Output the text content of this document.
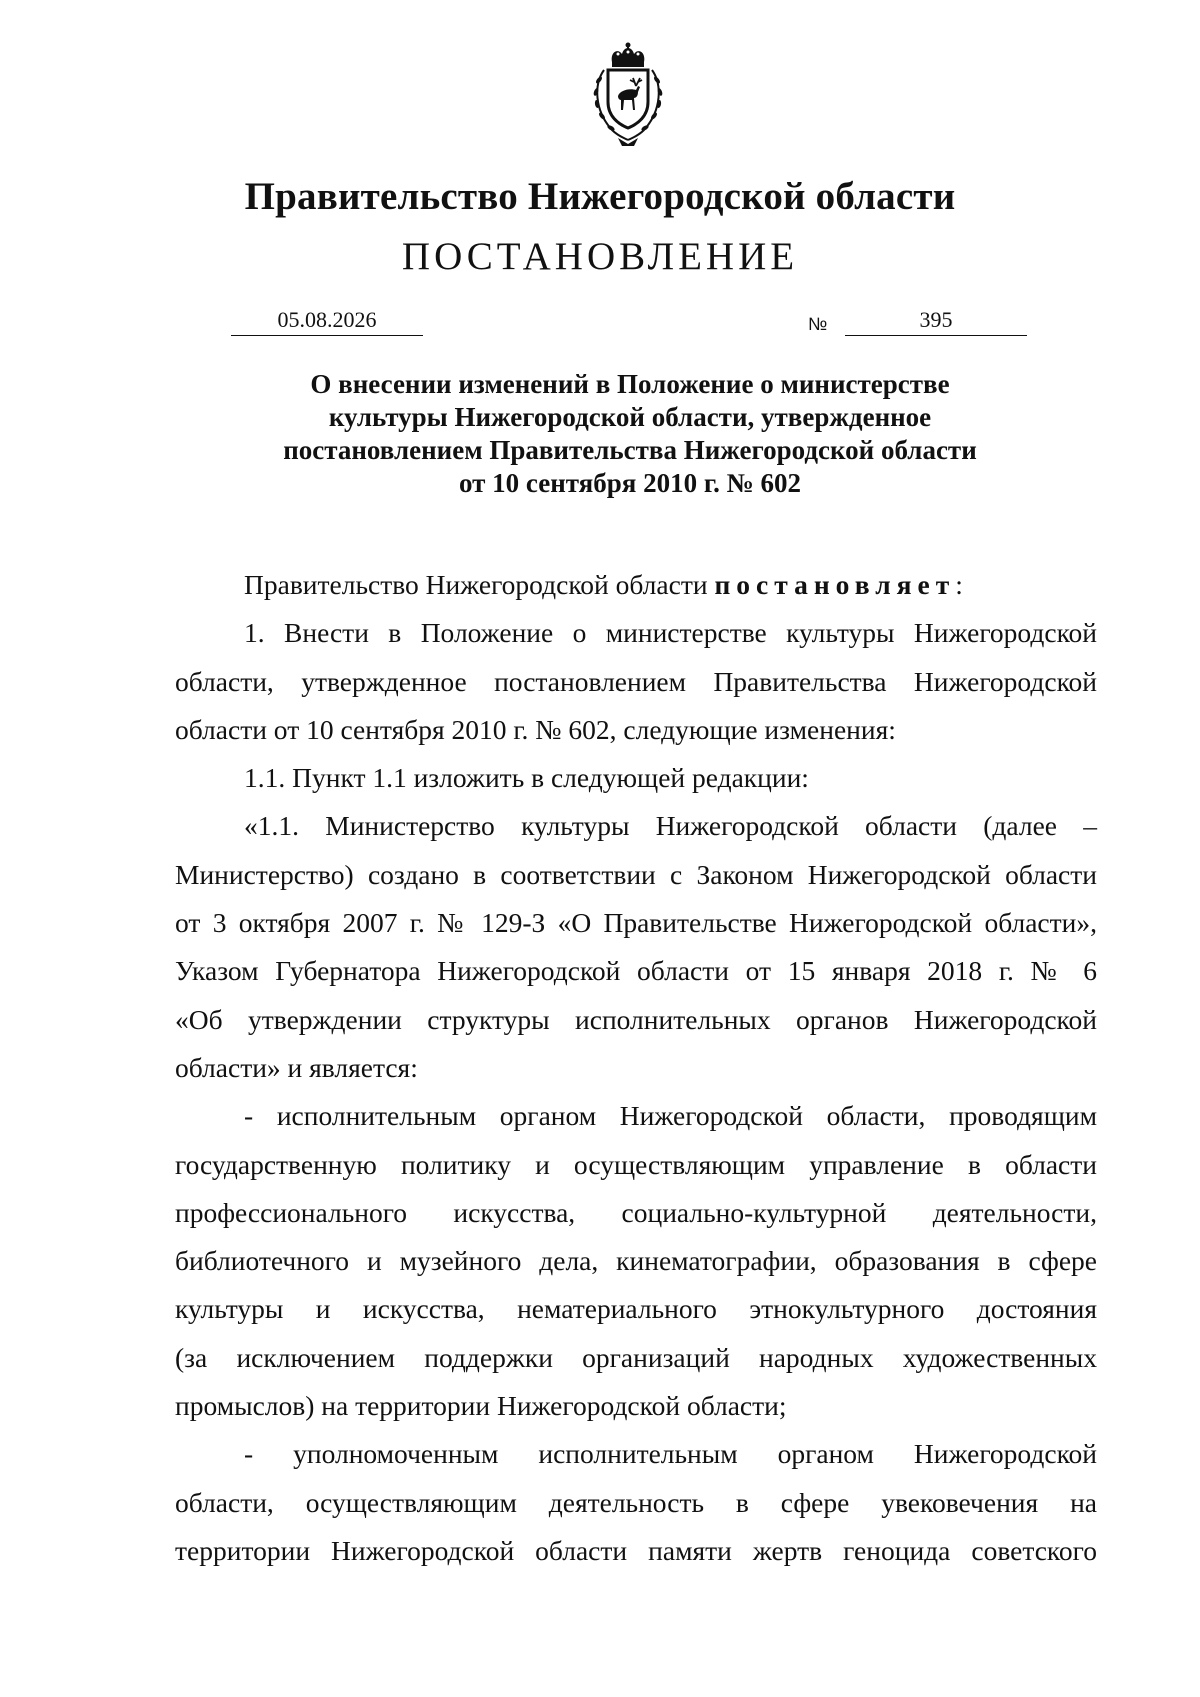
Правительство Нижегородской области
ПОСТАНОВЛЕНИЕ
05.08.2026	№	395
О внесении изменений в Положение о министерстве
культуры Нижегородской области, утвержденное
постановлением Правительства Нижегородской области
от 10 сентября 2010 г. № 602

Правительство Нижегородской области постановляет:

1. Внести в Положение о министерстве культуры Нижегородской
области, утвержденное постановлением Правительства Нижегородской
области от 10 сентября 2010 г. № 602, следующие изменения:
1.1. Пункт 1.1 изложить в следующей редакции:
«1.1. Министерство культуры Нижегородской области (далее –
Министерство) создано в соответствии с Законом Нижегородской области
от 3 октября 2007 г. № 129-З «О Правительстве Нижегородской области»,
Указом Губернатора Нижегородской области от 15 января 2018 г. № 6
«Об утверждении структуры исполнительных органов Нижегородской
области» и является:
- исполнительным органом Нижегородской области, проводящим
государственную политику и осуществляющим управление в области
профессионального искусства, социально-культурной деятельности,
библиотечного и музейного дела, кинематографии, образования в сфере
культуры и искусства, нематериального этнокультурного достояния
(за исключением поддержки организаций народных художественных
промыслов) на территории Нижегородской области;
- уполномоченным исполнительным органом Нижегородской
области, осуществляющим деятельность в сфере увековечения на
территории Нижегородской области памяти жертв геноцида советского
